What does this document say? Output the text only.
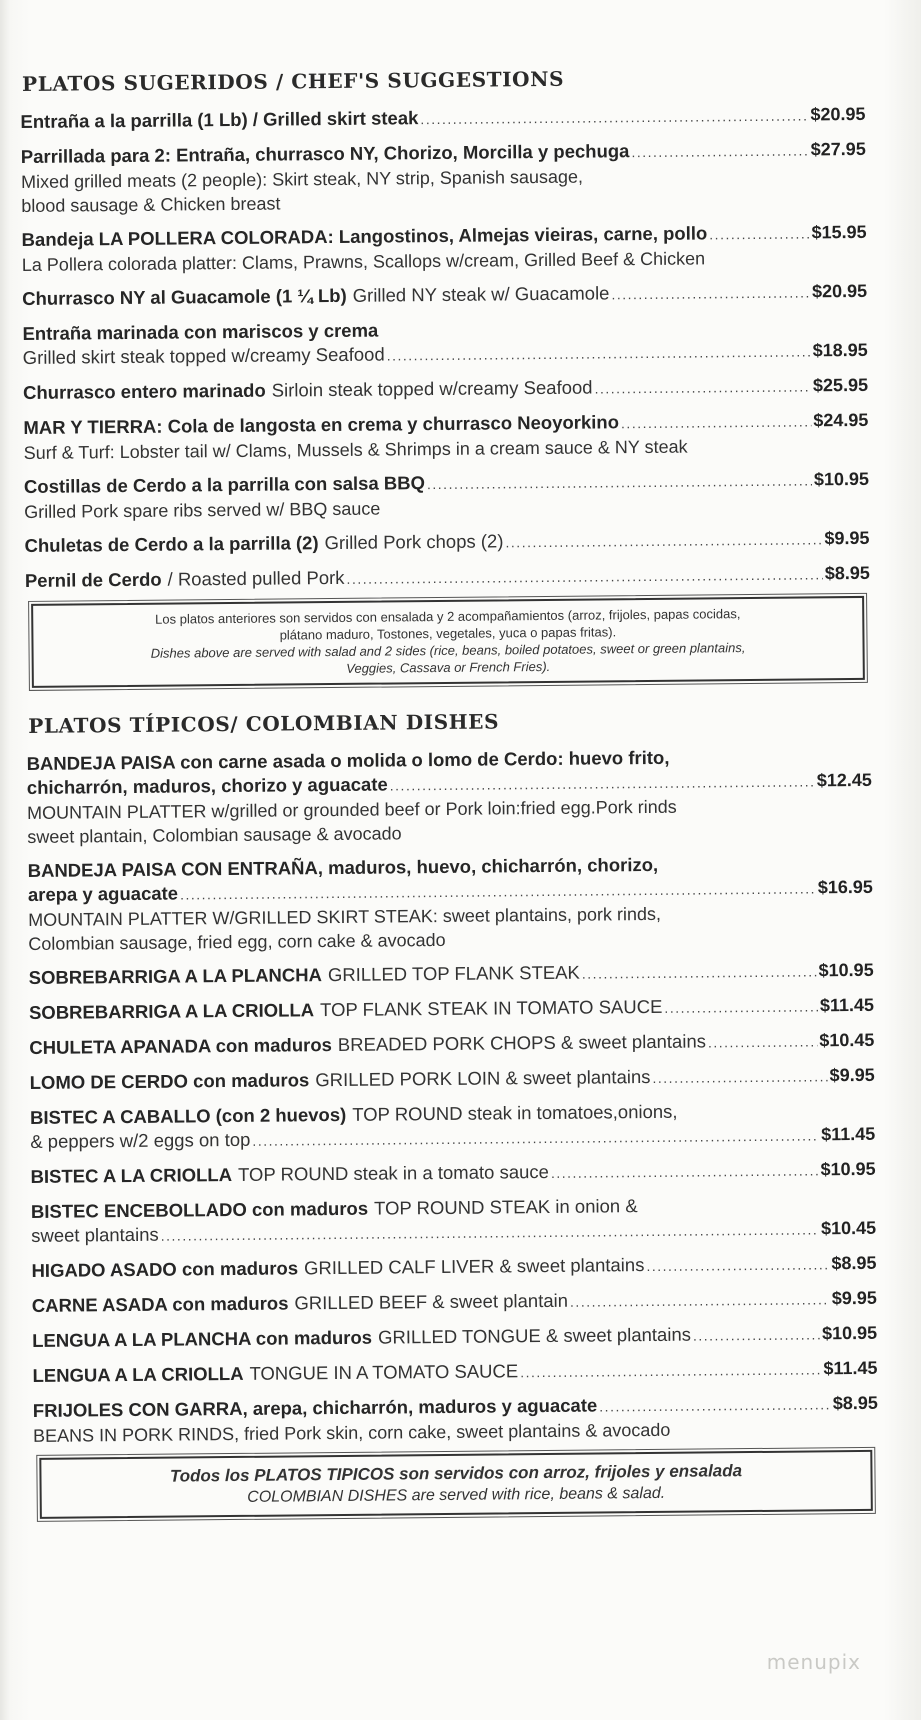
PLATOS SUGERIDOS / CHEF'S SUGGESTIONS
Entraña a la parrilla (1 Lb) / Grilled skirt steak .....	$20.95
Parrillada para 2: Entraña, churrasco NY, Chorizo, Morcilla y pechuga .....	$27.95
Mixed grilled meats (2 people): Skirt steak, NY strip, Spanish sausage,
blood sausage & Chicken breast
Bandeja LA POLLERA COLORADA: Langostinos, Almejas vieiras, carne, pollo .....	$15.95
La Pollera colorada platter: Clams, Prawns, Scallops w/cream, Grilled Beef & Chicken
Churrasco NY al Guacamole (1 ¼ Lb) Grilled NY steak w/ Guacamole .....	$20.95
Entraña marinada con mariscos y crema
Grilled skirt steak topped w/creamy Seafood .....	$18.95
Churrasco entero marinado Sirloin steak topped w/creamy Seafood .....	$25.95
MAR Y TIERRA: Cola de langosta en crema y churrasco Neoyorkino .....	$24.95
Surf & Turf: Lobster tail w/ Clams, Mussels & Shrimps in a cream sauce & NY steak
Costillas de Cerdo a la parrilla con salsa BBQ .....	$10.95
Grilled Pork spare ribs served w/ BBQ sauce
Chuletas de Cerdo a la parrilla (2) Grilled Pork chops (2) .....	$9.95
Pernil de Cerdo / Roasted pulled Pork .....	$8.95
Los platos anteriores son servidos con ensalada y 2 acompañamientos (arroz, frijoles, papas cocidas,
plátano maduro, Tostones, vegetales, yuca o papas fritas).
Dishes above are served with salad and 2 sides (rice, beans, boiled potatoes, sweet or green plantains,
Veggies, Cassava or French Fries).
PLATOS TÍPICOS/ COLOMBIAN DISHES
BANDEJA PAISA con carne asada o molida o lomo de Cerdo: huevo frito,
chicharrón, maduros, chorizo y aguacate .....	$12.45
MOUNTAIN PLATTER w/grilled or grounded beef or Pork loin:fried egg.Pork rinds
sweet plantain, Colombian sausage & avocado
BANDEJA PAISA CON ENTRAÑA, maduros, huevo, chicharrón, chorizo,
arepa y aguacate .....	$16.95
MOUNTAIN PLATTER W/GRILLED SKIRT STEAK: sweet plantains, pork rinds,
Colombian sausage, fried egg, corn cake & avocado
SOBREBARRIGA A LA PLANCHA GRILLED TOP FLANK STEAK .....	$10.95
SOBREBARRIGA A LA CRIOLLA TOP FLANK STEAK IN TOMATO SAUCE .....	$11.45
CHULETA APANADA con maduros BREADED PORK CHOPS & sweet plantains .....	$10.45
LOMO DE CERDO con maduros GRILLED PORK LOIN & sweet plantains .....	$9.95
BISTEC A CABALLO (con 2 huevos) TOP ROUND steak in tomatoes,onions,
& peppers w/2 eggs on top .....	$11.45
BISTEC A LA CRIOLLA TOP ROUND steak in a tomato sauce .....	$10.95
BISTEC ENCEBOLLADO con maduros TOP ROUND STEAK in onion &
sweet plantains .....	$10.45
HIGADO ASADO con maduros GRILLED CALF LIVER & sweet plantains .....	$8.95
CARNE ASADA con maduros GRILLED BEEF & sweet plantain .....	$9.95
LENGUA A LA PLANCHA con maduros GRILLED TONGUE & sweet plantains .....	$10.95
LENGUA A LA CRIOLLA TONGUE IN A TOMATO SAUCE .....	$11.45
FRIJOLES CON GARRA, arepa, chicharrón, maduros y aguacate .....	$8.95
BEANS IN PORK RINDS, fried Pork skin, corn cake, sweet plantains & avocado
Todos los PLATOS TIPICOS son servidos con arroz, frijoles y ensalada
COLOMBIAN DISHES are served with rice, beans & salad.
menupix
